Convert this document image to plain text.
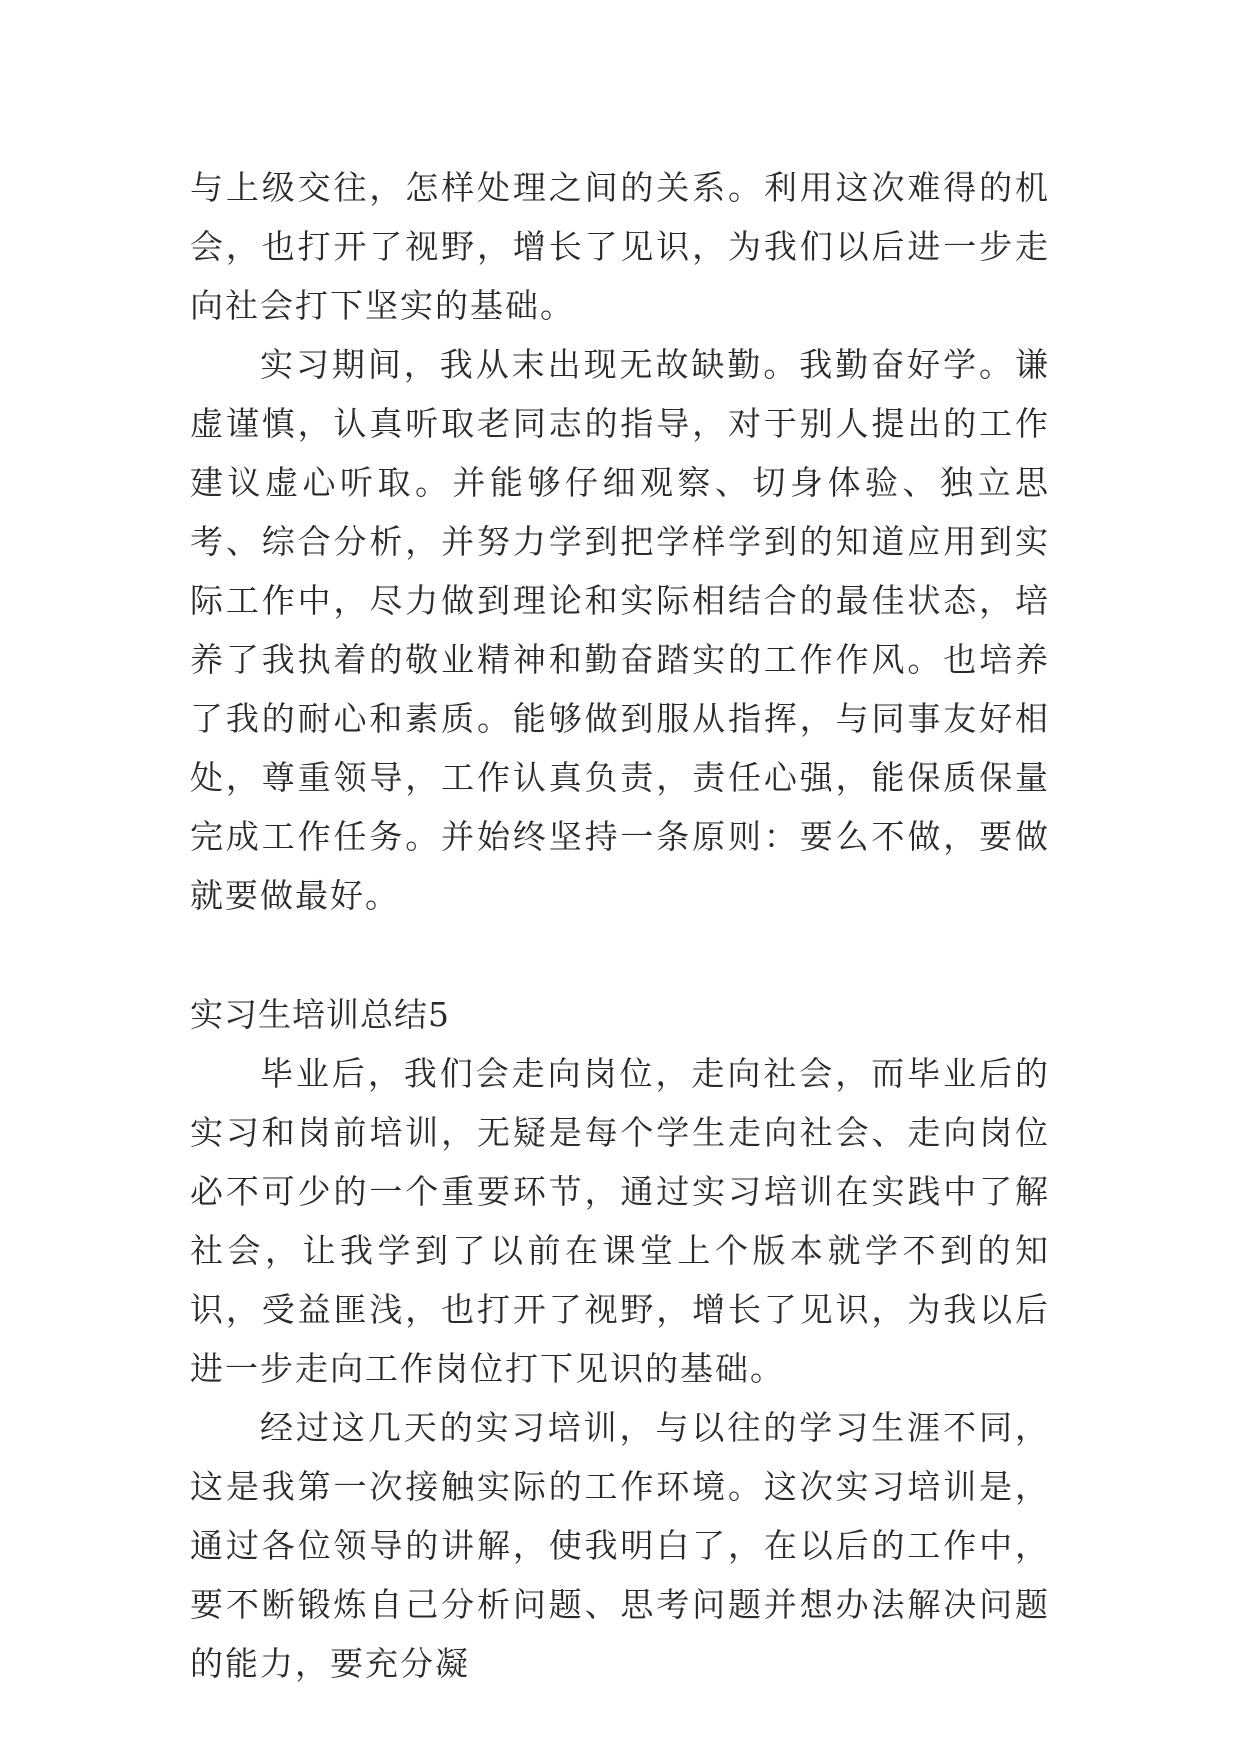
与上级交往，怎样处理之间的关系。利用这次难得的机会，也打开了视野，增长了见识，为我们以后进一步走向社会打下坚实的基础。

实习期间，我从末出现无故缺勤。我勤奋好学。谦虚谨慎，认真听取老同志的指导，对于别人提出的工作建议虚心听取。并能够仔细观察、切身体验、独立思考、综合分析，并努力学到把学样学到的知道应用到实际工作中，尽力做到理论和实际相结合的最佳状态，培养了我执着的敬业精神和勤奋踏实的工作作风。也培养了我的耐心和素质。能够做到服从指挥，与同事友好相处，尊重领导，工作认真负责，责任心强，能保质保量完成工作任务。并始终坚持一条原则：要么不做，要做就要做最好。

实习生培训总结5

毕业后，我们会走向岗位，走向社会，而毕业后的实习和岗前培训，无疑是每个学生走向社会、走向岗位必不可少的一个重要环节，通过实习培训在实践中了解社会，让我学到了以前在课堂上个版本就学不到的知识，受益匪浅，也打开了视野，增长了见识，为我以后进一步走向工作岗位打下见识的基础。

经过这几天的实习培训，与以往的学习生涯不同，这是我第一次接触实际的工作环境。这次实习培训是，通过各位领导的讲解，使我明白了，在以后的工作中，要不断锻炼自己分析问题、思考问题并想办法解决问题的能力，要充分凝
